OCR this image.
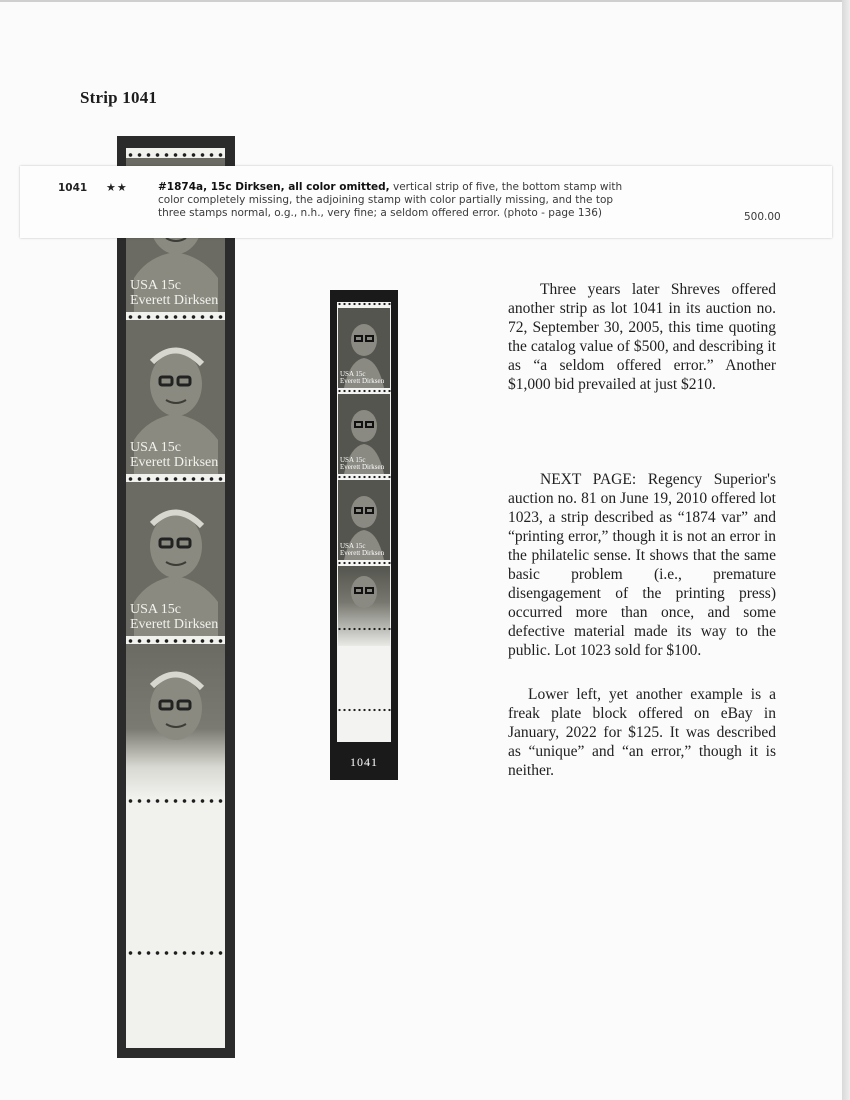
Strip 1041
USA 15c
Everett Dirksen
USA 15c
Everett Dirksen
USA 15c
Everett Dirksen
1041 ★★	#1874a, 15c Dirksen, all color omitted, vertical strip of five, the bottom stamp with color completely missing, the adjoining stamp with color partially missing, and the top three stamps normal, o.g., n.h., very fine; a seldom offered error. (photo - page 136)	500.00
USA 15c
Everett Dirksen
USA 15c
Everett Dirksen
USA 15c
Everett Dirksen
1041
Three years later Shreves offered another strip as lot 1041 in its auction no. 72, September 30, 2005, this time quoting the catalog value of $500, and describing it as “a seldom offered error.” Another $1,000 bid prevailed at just $210.
NEXT PAGE: Regency Superior's auction no. 81 on June 19, 2010 offered lot 1023, a strip described as “1874 var” and “printing error,” though it is not an error in the philatelic sense. It shows that the same basic problem (i.e., premature disengagement of the printing press) occurred more than once, and some defective material made its way to the public. Lot 1023 sold for $100.
Lower left, yet another example is a freak plate block offered on eBay in January, 2022 for $125. It was described as “unique” and “an error,” though it is neither.
